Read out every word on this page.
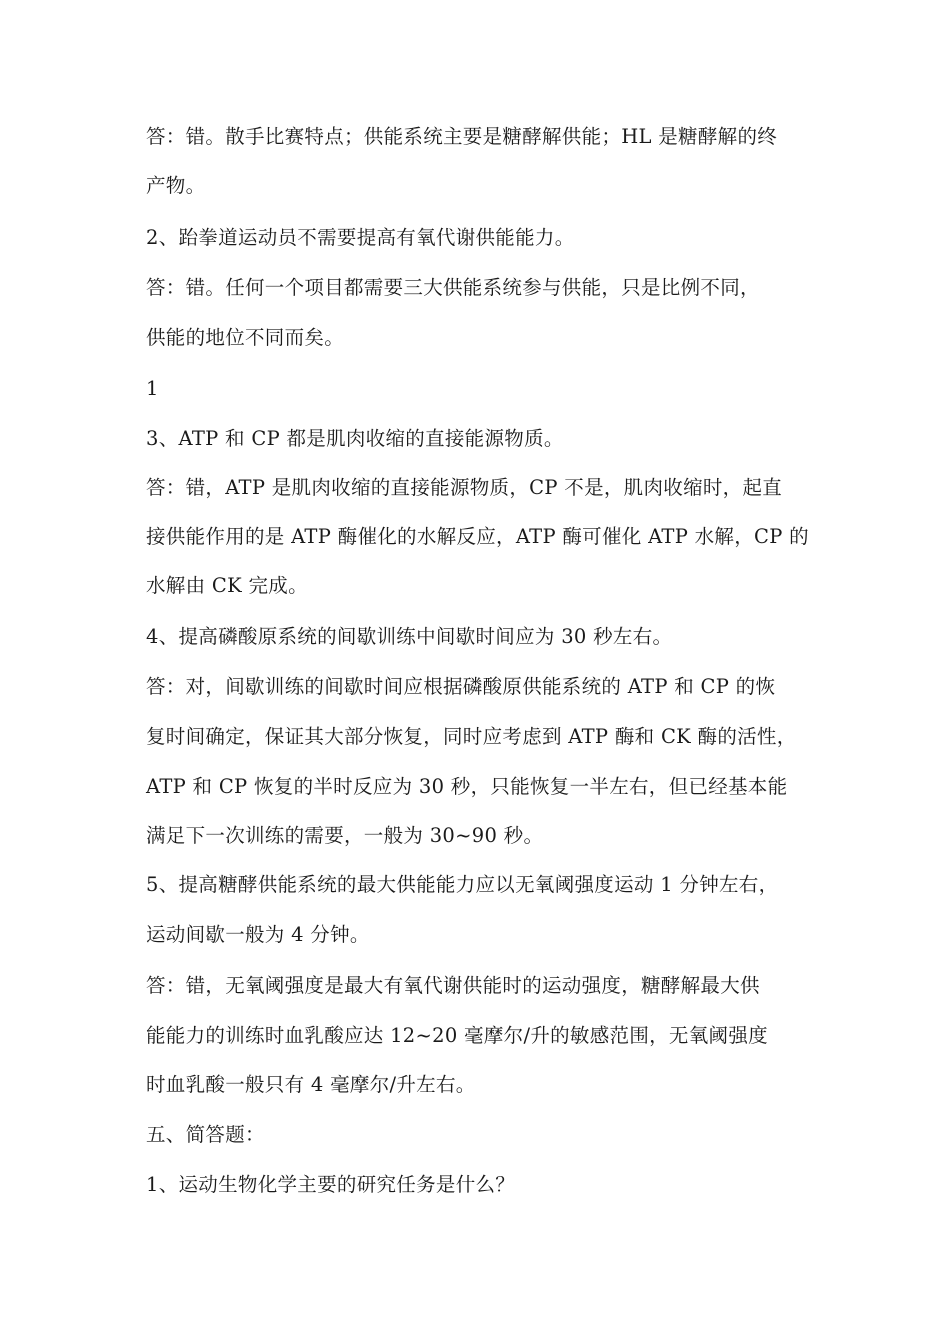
答：错。散手比赛特点；供能系统主要是糖酵解供能；HL 是糖酵解的终
产物。
2、跆拳道运动员不需要提高有氧代谢供能能力。
答：错。任何一个项目都需要三大供能系统参与供能，只是比例不同，
供能的地位不同而矣。
1
3、ATP 和 CP 都是肌肉收缩的直接能源物质。
答：错，ATP 是肌肉收缩的直接能源物质，CP 不是，肌肉收缩时，起直
接供能作用的是 ATP 酶催化的水解反应，ATP 酶可催化 ATP 水解，CP 的
水解由 CK 完成。
4、提高磷酸原系统的间歇训练中间歇时间应为 30 秒左右。
答：对，间歇训练的间歇时间应根据磷酸原供能系统的 ATP 和 CP 的恢
复时间确定，保证其大部分恢复，同时应考虑到 ATP 酶和 CK 酶的活性，
ATP 和 CP 恢复的半时反应为 30 秒，只能恢复一半左右，但已经基本能
满足下一次训练的需要，一般为 30~90 秒。
5、提高糖酵供能系统的最大供能能力应以无氧阈强度运动 1 分钟左右，
运动间歇一般为 4 分钟。
答：错，无氧阈强度是最大有氧代谢供能时的运动强度，糖酵解最大供
能能力的训练时血乳酸应达 12~20 毫摩尔/升的敏感范围，无氧阈强度
时血乳酸一般只有 4 毫摩尔/升左右。
五、简答题：
1、运动生物化学主要的研究任务是什么？
